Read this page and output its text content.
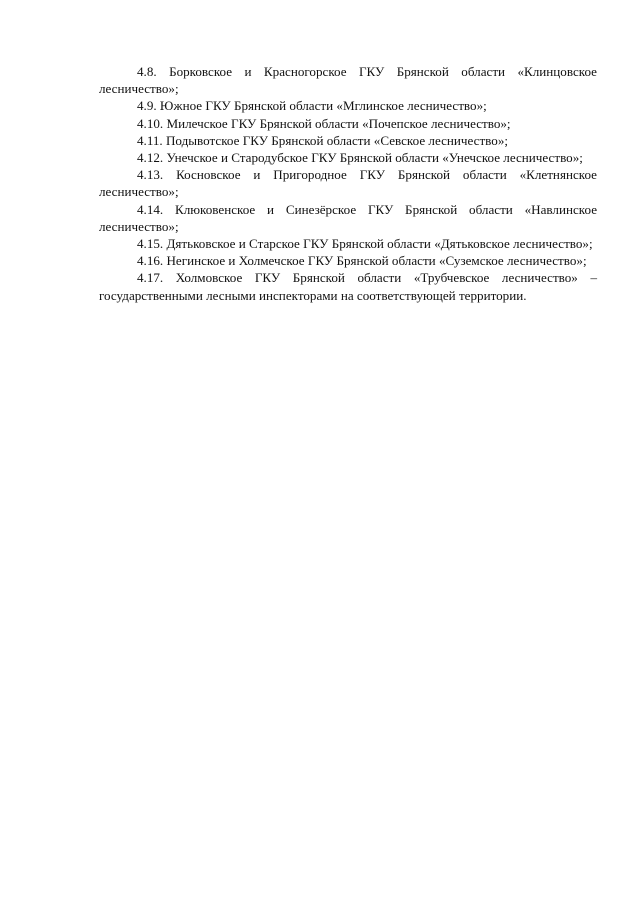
4.8. Борковское и Красногорское ГКУ Брянской области «Клинцовское лесничество»;

4.9. Южное ГКУ Брянской области «Мглинское лесничество»;

4.10. Милечское ГКУ Брянской области «Почепское лесничество»;

4.11. Подывотское ГКУ Брянской области «Севское лесничество»;

4.12. Унечское и Стародубское ГКУ Брянской области «Унечское лесничество»;

4.13. Косновское и Пригородное ГКУ Брянской области «Клетнянское лесничество»;

4.14. Клюковенское и Синезёрское ГКУ Брянской области «Навлинское лесничество»;

4.15. Дятьковское и Старское ГКУ Брянской области «Дятьковское лесничество»;

4.16. Негинское и Холмечское ГКУ Брянской области «Суземское лесничество»;

4.17. Холмовское ГКУ Брянской области «Трубчевское лесничество» – государственными лесными инспекторами на соответствующей территории.
